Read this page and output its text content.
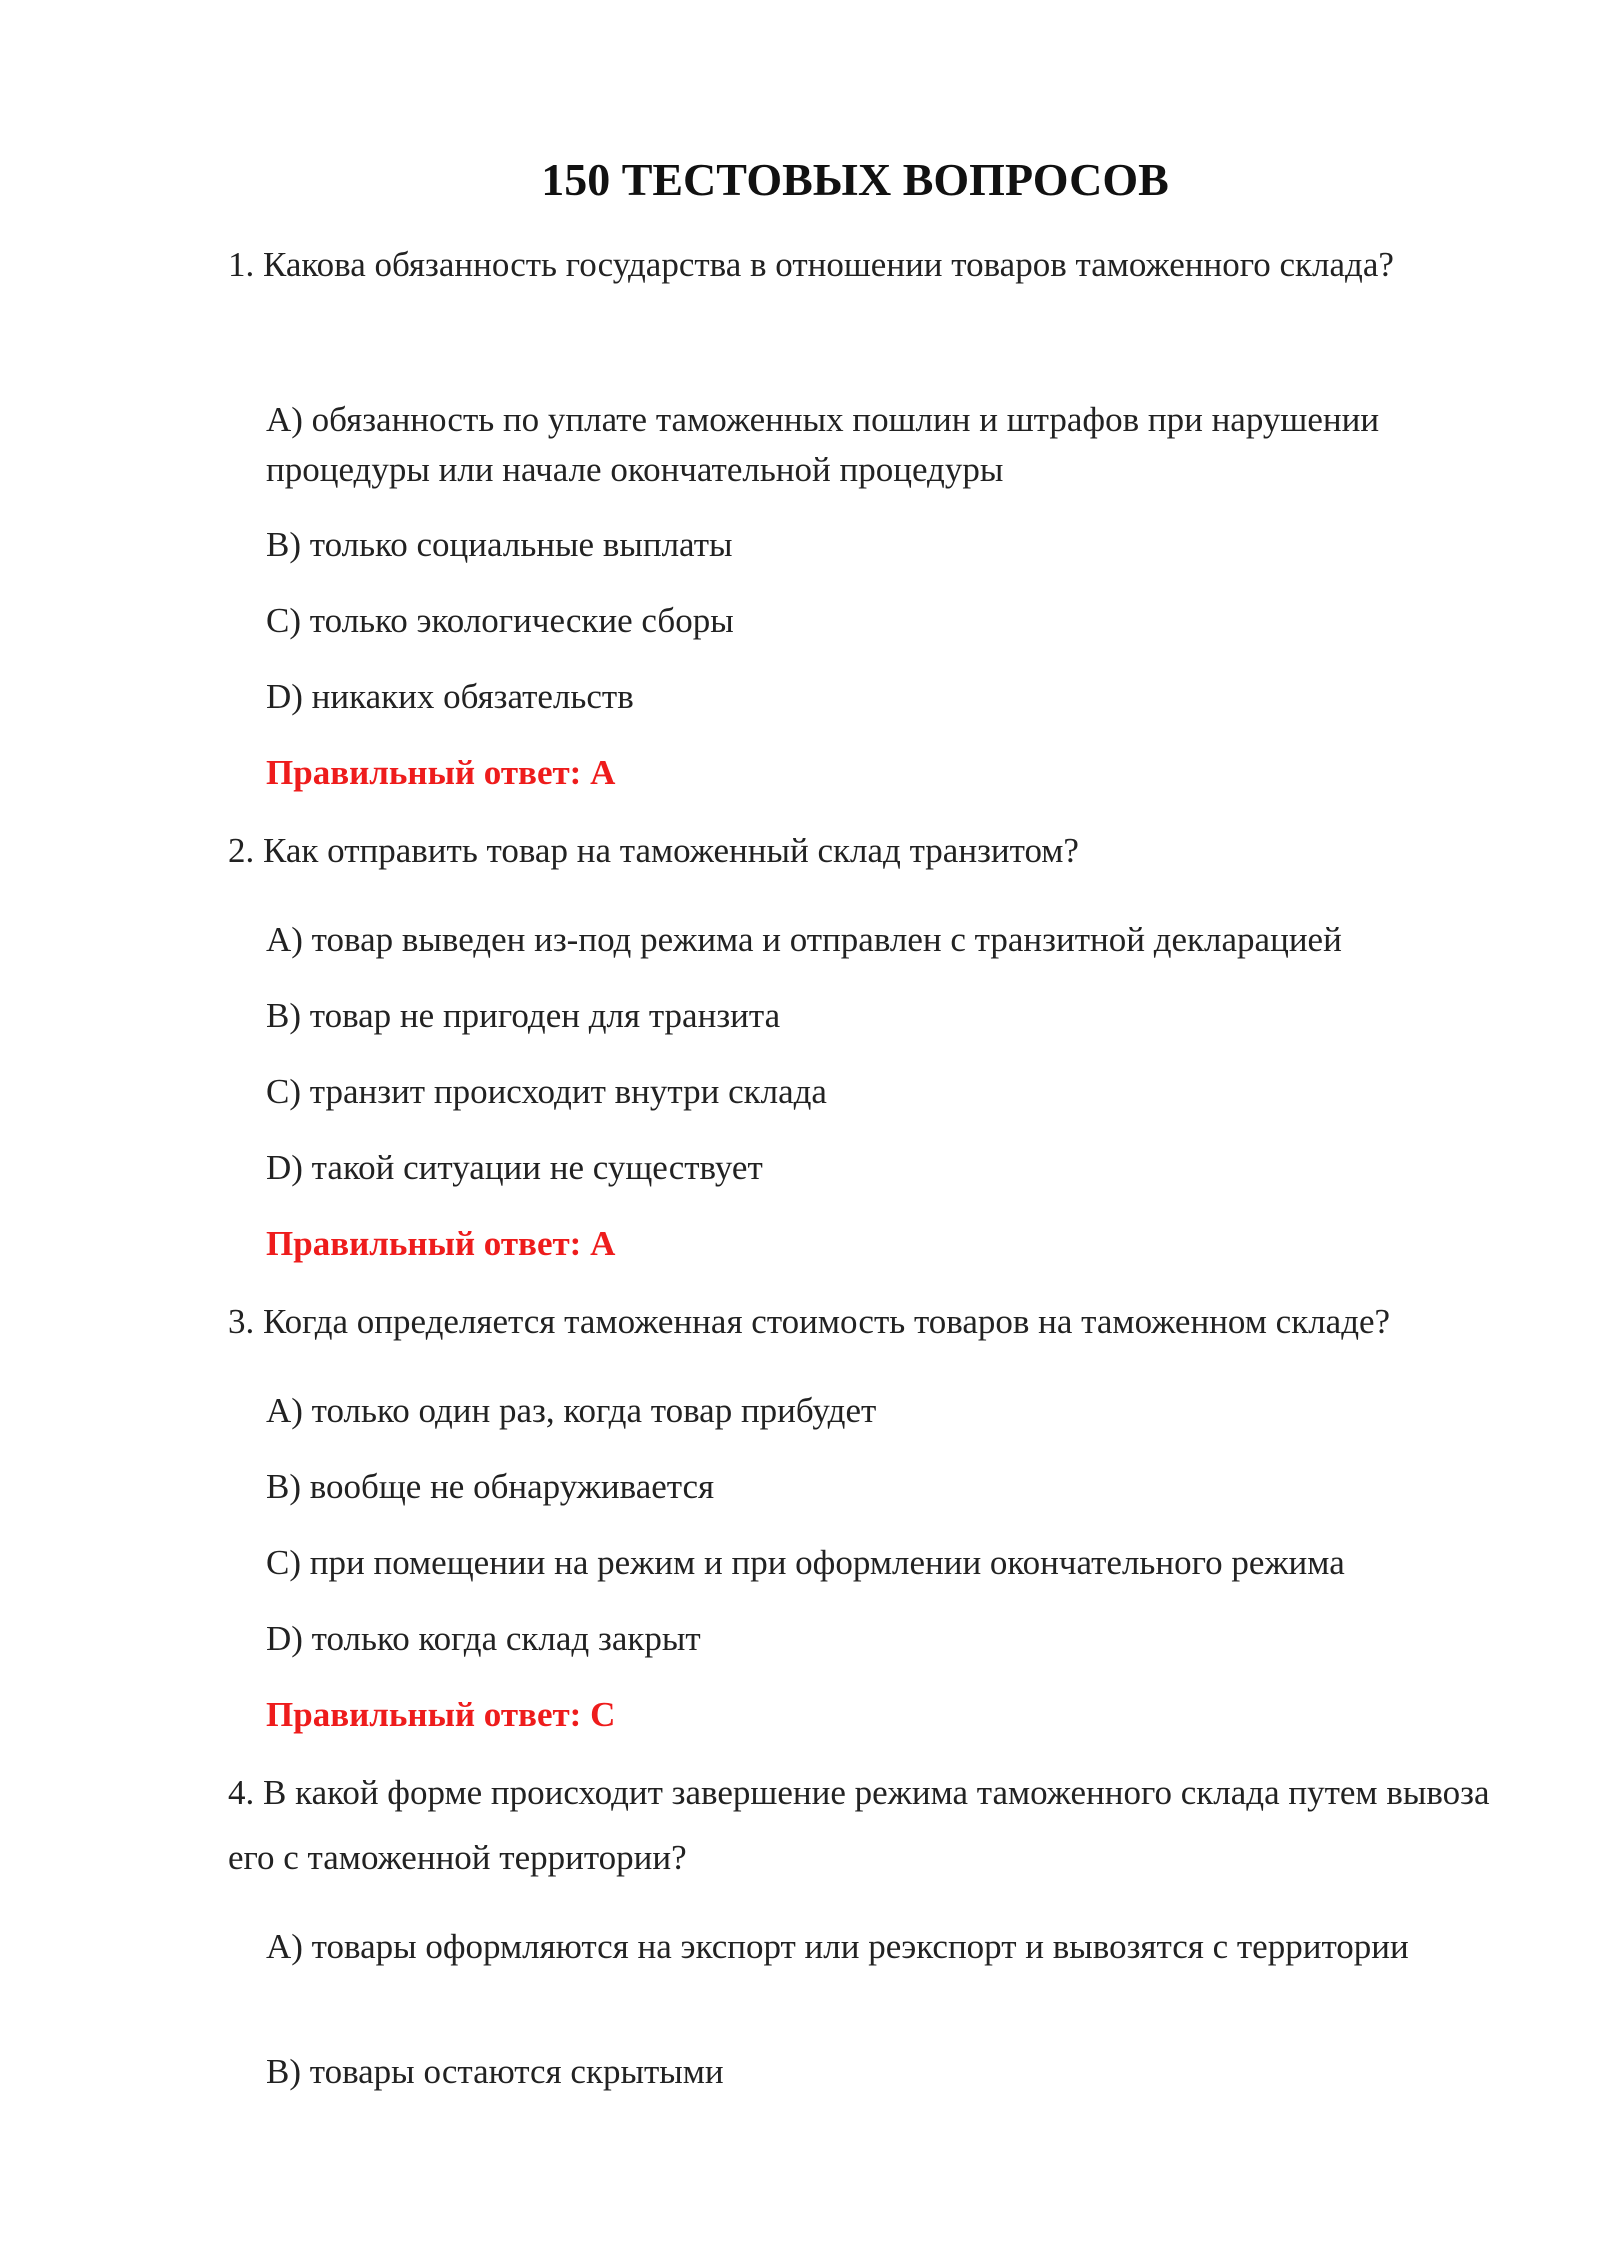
150 ТЕСТОВЫХ ВОПРОСОВ

1. Какова обязанность государства в отношении товаров таможенного склада?

A) обязанность по уплате таможенных пошлин и штрафов при нарушении процедуры или начале окончательной процедуры

B) только социальные выплаты

C) только экологические сборы

D) никаких обязательств

Правильный ответ: A

2. Как отправить товар на таможенный склад транзитом?

A) товар выведен из-под режима и отправлен с транзитной декларацией

B) товар не пригоден для транзита

C) транзит происходит внутри склада

D) такой ситуации не существует

Правильный ответ: A

3. Когда определяется таможенная стоимость товаров на таможенном складе?

A) только один раз, когда товар прибудет

B) вообще не обнаруживается

C) при помещении на режим и при оформлении окончательного режима

D) только когда склад закрыт

Правильный ответ: C

4. В какой форме происходит завершение режима таможенного склада путем вывоза его с таможенной территории?

A) товары оформляются на экспорт или реэкспорт и вывозятся с территории

B) товары остаются скрытыми
